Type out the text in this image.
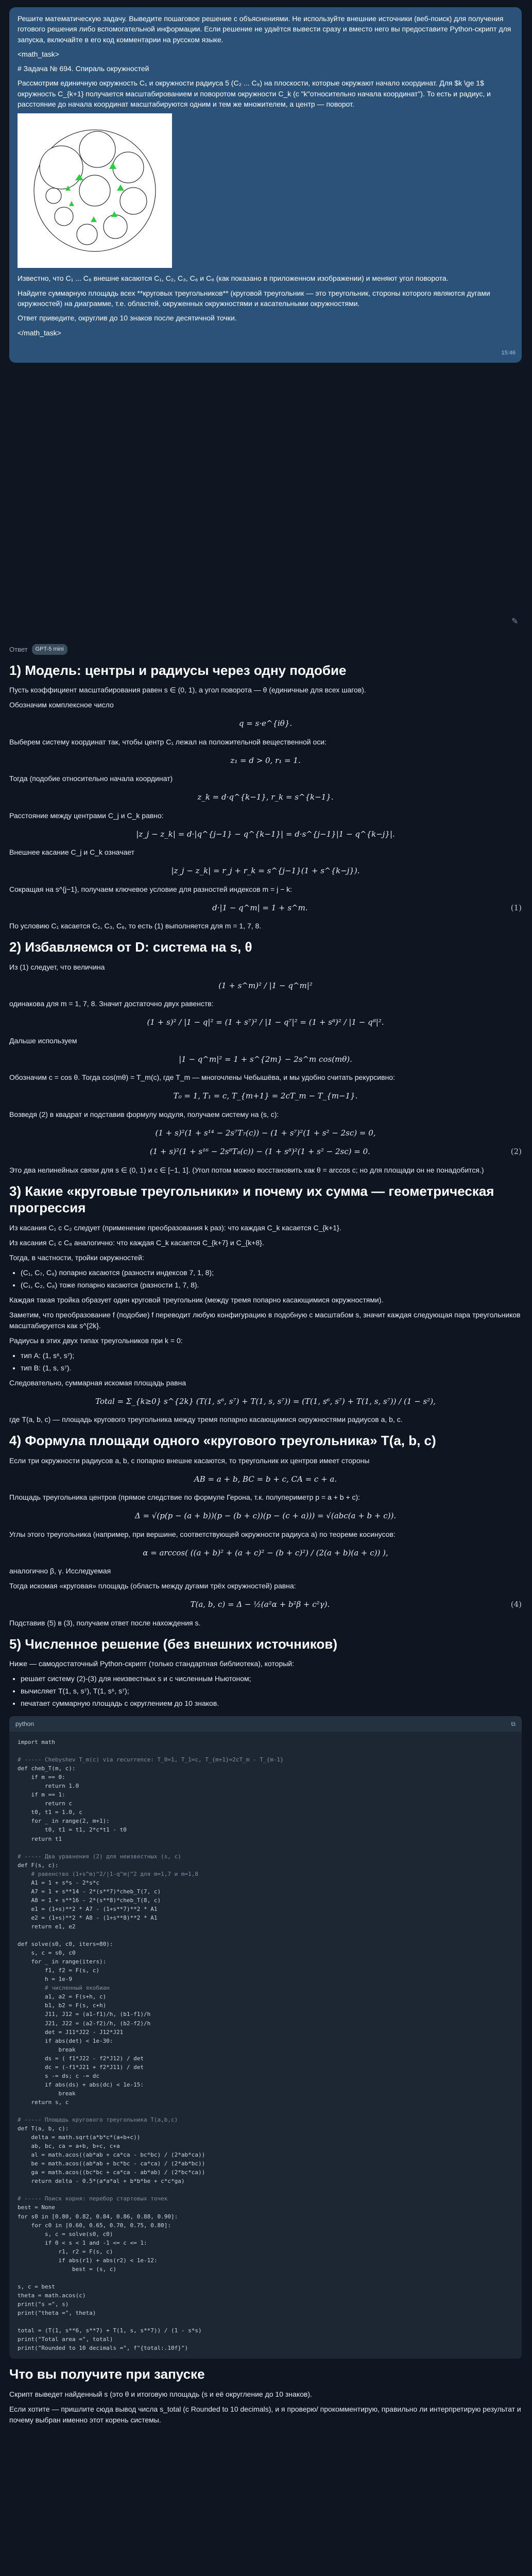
Решите математическую задачу. Выведите пошаговое решение с объяснениями. Не используйте внешние источники (веб-поиск) для получения готового решения либо вспомогательной информации. Если решение не удаётся вывести сразу и вместо него вы предоставите Python-скрипт для запуска, включайте в его код комментарии на русском языке.

<math_task>

# Задача № 694. Спираль окружностей

Рассмотрим единичную окружность C₁ и окружности радиуса 5 (C₂ ... C₈) на плоскости, которые окружают начало координат. Для $k \ge 1$ окружность C_{k+1} получается масштабированием и поворотом окружности C_k (с "k"относительно начала координат"). То есть и радиус, и расстояние до начала координат масштабируются одним и тем же множителем, а центр — поворот.

Известно, что C₁ ... C₈ внешне касаются C₁, C₂, C₃, C₆ и C₈ (как показано в приложенном изображении) и меняют угол поворота.

Найдите суммарную площадь всех **круговых треугольников** (круговой треугольник — это треугольник, стороны которого являются дугами окружностей) на диаграмме, т.е. областей, окруженных окружностями и касательными окружностями.

Ответ приведите, округлив до 10 знаков после десятичной точки.

</math_task>

15:46
✎
Ответ	GPT-5 mini
1) Модель: центры и радиусы через одну подобие
Пусть коэффициент масштабирования равен s ∈ (0, 1), а угол поворота — θ (единичные для всех шагов).
Обозначим комплексное число
q = s·e^{iθ}.
Выберем систему координат так, чтобы центр C₁ лежал на положительной вещественной оси:
z₁ = d > 0, r₁ = 1.
Тогда (подобие относительно начала координат)
z_k = d·q^{k−1}, r_k = s^{k−1}.
Расстояние между центрами C_j и C_k равно:
|z_j − z_k| = d·|q^{j−1} − q^{k−1}| = d·s^{j−1}|1 − q^{k−j}|.
Внешнее касание C_j и C_k означает
|z_j − z_k| = r_j + r_k = s^{j−1}(1 + s^{k−j}).
Сокращая на s^{j−1}, получаем ключевое условие для разностей индексов m = j − k:
d·|1 − q^m| = 1 + s^m.	(1)
По условию C₁ касается C₂, C₃, C₆, то есть (1) выполняется для m = 1, 7, 8.
2) Избавляемся от D: система на s, θ
Из (1) следует, что величина
(1 + s^m)² / |1 − q^m|²
одинакова для m = 1, 7, 8. Значит достаточно двух равенств:
(1 + s)² / |1 − q|² = (1 + s⁷)² / |1 − q⁷|² = (1 + s⁸)² / |1 − q⁸|².
Дальше используем
|1 − q^m|² = 1 + s^{2m} − 2s^m cos(mθ).
Обозначим c = cos θ. Тогда cos(mθ) = T_m(c), где T_m — многочлены Чебышёва, и мы удобно считать рекурсивно:
T₀ = 1, T₁ = c, T_{m+1} = 2cT_m − T_{m−1}.
Возведя (2) в квадрат и подставив формулу модуля, получаем систему на (s, c):
(1 + s)²(1 + s¹⁴ − 2s⁷T₇(c)) − (1 + s⁷)²(1 + s² − 2sc) = 0,
(1 + s)²(1 + s¹⁶ − 2s⁸T₈(c)) − (1 + s⁸)²(1 + s² − 2sc) = 0.	(2)
Это два нелинейных связи для s ∈ (0, 1) и c ∈ [−1, 1]. (Угол потом можно восстановить как θ = arccos c; но для площади он не понадобится.)
3) Какие «круговые треугольники» и почему их сумма — геометрическая прогрессия
Из касания C₁ с C₂ следует (применение преобразования k раз): что каждая C_k касается C_{k+1}.
Из касания C₁ с C₈ аналогично: что каждая C_k касается C_{k+7} и C_{k+8}.
Тогда, в частности, тройки окружностей:
• (C₁, C₇, C₈) попарно касаются (разности индексов 7, 1, 8);
• (C₁, C₂, C₈) тоже попарно касаются (разности 1, 7, 8).
Каждая такая тройка образует один круговой треугольник (между тремя попарно касающимися окружностями).
Заметим, что преобразование f (подобие) f переводит любую конфигурацию в подобную с масштабом s, значит каждая следующая пара треугольников масштабируется как s^{2k}.
Радиусы в этих двух типах треугольников при k = 0:
• тип A: (1, s⁶, s⁷);
• тип B: (1, s, s⁷).
Следовательно, суммарная искомая площадь равна
Total = Σ_{k≥0} s^{2k} (T(1, s⁶, s⁷) + T(1, s, s⁷)) = (T(1, s⁶, s⁷) + T(1, s, s⁷)) / (1 − s²),
где T(a, b, c) — площадь кругового треугольника между тремя попарно касающимися окружностями радиусов a, b, c.
4) Формула площади одного «кругового треугольника» T(a, b, c)
Если три окружности радиусов a, b, c попарно внешне касаются, то треугольник их центров имеет стороны
AB = a + b, BC = b + c, CA = c + a.
Площадь треугольника центров (прямое следствие по формуле Герона, т.к. полупериметр p = a + b + c):
Δ = √(p(p − (a + b))(p − (b + c))(p − (c + a))) = √(abc(a + b + c)).
Углы этого треугольника (например, при вершине, соответствующей окружности радиуса a) по теореме косинусов:
α = arccos( ((a + b)² + (a + c)² − (b + c)²) / (2(a + b)(a + c)) ),
аналогично β, γ. Исследуемая
Тогда искомая «круговая» площадь (область между дугами трёх окружностей) равна:
T(a, b, c) = Δ − ½(a²α + b²β + c²γ).	(4)
Подставив (5) в (3), получаем ответ после нахождения s.
5) Численное решение (без внешних источников)
Ниже — самодостаточный Python-скрипт (только стандартная библиотека), который:
• решает систему (2)-(3) для неизвестных s и c численным Ньютоном;
• вычисляет T(1, s, s⁷), T(1, s⁶, s⁷);
• печатает суммарную площадь с округлением до 10 знаков.
python	⧉
import math

# ----- Chebyshev T_m(c) via recurrence: T_0=1, T_1=c, T_{m+1}=2cT_m - T_{m-1}
def cheb_T(m, c):
if m == 0:
return 1.0
if m == 1:
return c
t0, t1 = 1.0, c
for _ in range(2, m+1):
t0, t1 = t1, 2*c*t1 - t0
return t1

# ----- Два уравнения (2) для неизвестных (s, c)
def F(s, c):
# равенство (1+s^m)^2/|1-q^m|^2 для m=1,7 и m=1,8
A1 = 1 + s*s - 2*s*c
A7 = 1 + s**14 - 2*(s**7)*cheb_T(7, c)
A8 = 1 + s**16 - 2*(s**8)*cheb_T(8, c)
e1 = (1+s)**2 * A7 - (1+s**7)**2 * A1
e2 = (1+s)**2 * A8 - (1+s**8)**2 * A1
return e1, e2

def solve(s0, c0, iters=80):
s, c = s0, c0
for _ in range(iters):
f1, f2 = F(s, c)
h = 1e-9
# численный якобиан
a1, a2 = F(s+h, c)
b1, b2 = F(s, c+h)
J11, J12 = (a1-f1)/h, (b1-f1)/h
J21, J22 = (a2-f2)/h, (b2-f2)/h
det = J11*J22 - J12*J21
if abs(det) < 1e-30:
break
ds = ( f1*J22 - f2*J12) / det
dc = (-f1*J21 + f2*J11) / det
s -= ds; c -= dc
if abs(ds) + abs(dc) < 1e-15:
break
return s, c

# ----- Площадь кругового треугольника T(a,b,c)
def T(a, b, c):
delta = math.sqrt(a*b*c*(a+b+c))
ab, bc, ca = a+b, b+c, c+a
al = math.acos((ab*ab + ca*ca - bc*bc) / (2*ab*ca))
be = math.acos((ab*ab + bc*bc - ca*ca) / (2*ab*bc))
ga = math.acos((bc*bc + ca*ca - ab*ab) / (2*bc*ca))
return delta - 0.5*(a*a*al + b*b*be + c*c*ga)

# ----- Поиск корня: перебор стартовых точек
best = None
for s0 in [0.80, 0.82, 0.84, 0.86, 0.88, 0.90]:
for c0 in [0.60, 0.65, 0.70, 0.75, 0.80]:
s, c = solve(s0, c0)
if 0 < s < 1 and -1 <= c <= 1:
r1, r2 = F(s, c)
if abs(r1) + abs(r2) < 1e-12:
best = (s, c)

s, c = best
theta = math.acos(c)
print("s =", s)
print("theta =", theta)

total = (T(1, s**6, s**7) + T(1, s, s**7)) / (1 - s*s)
print("Total area =", total)
print("Rounded to 10 decimals =", f"{total:.10f}")
Что вы получите при запуске
Скрипт выведет найденный s (это θ и итоговую площадь (s и её округление до 10 знаков).
Если хотите — пришлите сюда вывод числа s_total (с Rounded to 10 decimals), и я проверю/ прокомментирую, правильно ли интерпретирую результат и почему выбран именно этот корень системы.
